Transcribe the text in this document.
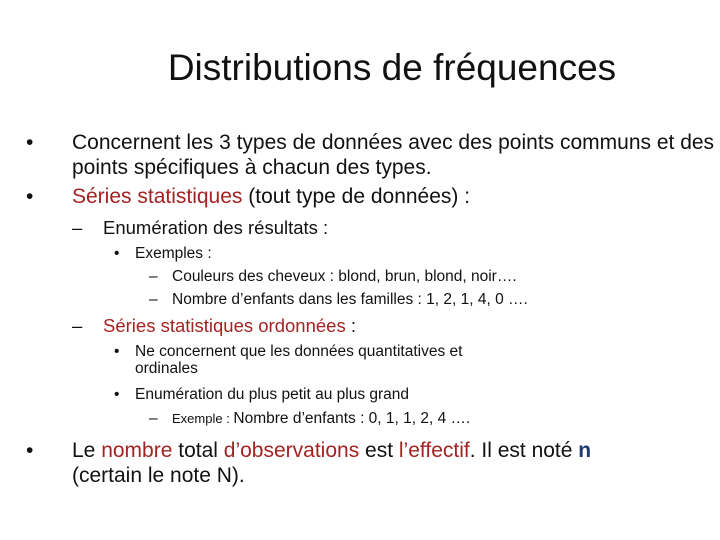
Distributions de fréquences
• Concernent les 3 types de données avec des points communs et des points spécifiques à chacun des types.
• Séries statistiques (tout type de données) :
– Enumération des résultats :
• Exemples :
– Couleurs des cheveux : blond, brun, blond, noir….
– Nombre d’enfants dans les familles : 1, 2, 1, 4, 0 ….
– Séries statistiques ordonnées :
• Ne concernent que les données quantitatives et ordinales
• Enumération du plus petit au plus grand
– Exemple : Nombre d’enfants : 0, 1, 1, 2, 4 ….
• Le nombre total d’observations est l’effectif. Il est noté n
(certain le note N).
